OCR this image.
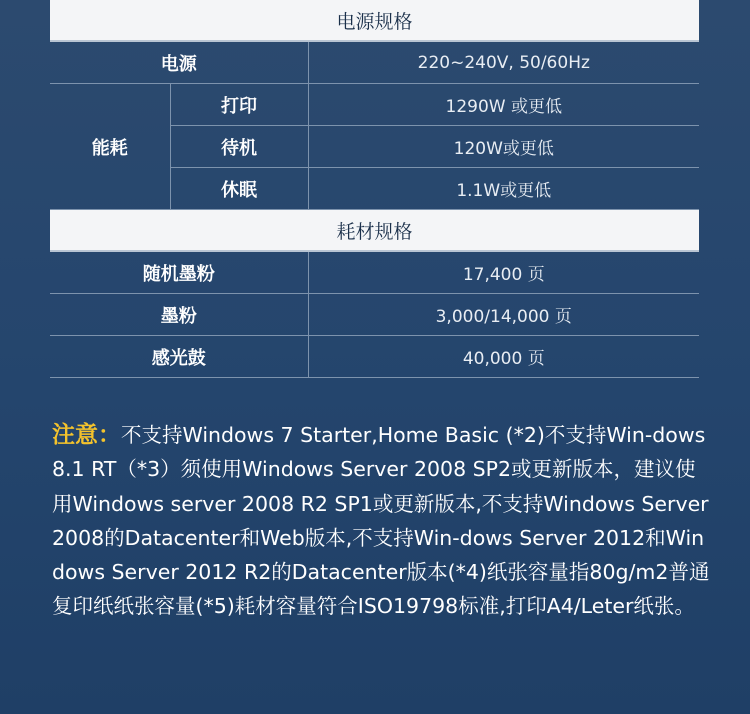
电源规格		
电源		220~240V, 50/60Hz
能耗	打印	1290W 或更低
	待机	120W或更低
	休眠	1.1W或更低
耗材规格		
随机墨粉		17,400 页
墨粉		3,000/14,000 页
感光鼓		40,000 页

注意：不支持Windows 7 Starter,Home Basic (*2)不支持Win-dows8.1 RT（*3）须使用Windows Server 2008 SP2或更新版本，建议使用Windows server 2008 R2 SP1或更新版本,不支持Windows Server 2008的Datacenter和Web版本,不支持Win-dows Server 2012和Windows Server 2012 R2的Datacenter版本(*4)纸张容量指80g/m2普通复印纸纸张容量(*5)耗材容量符合ISO19798标准,打印A4/Leter纸张。
